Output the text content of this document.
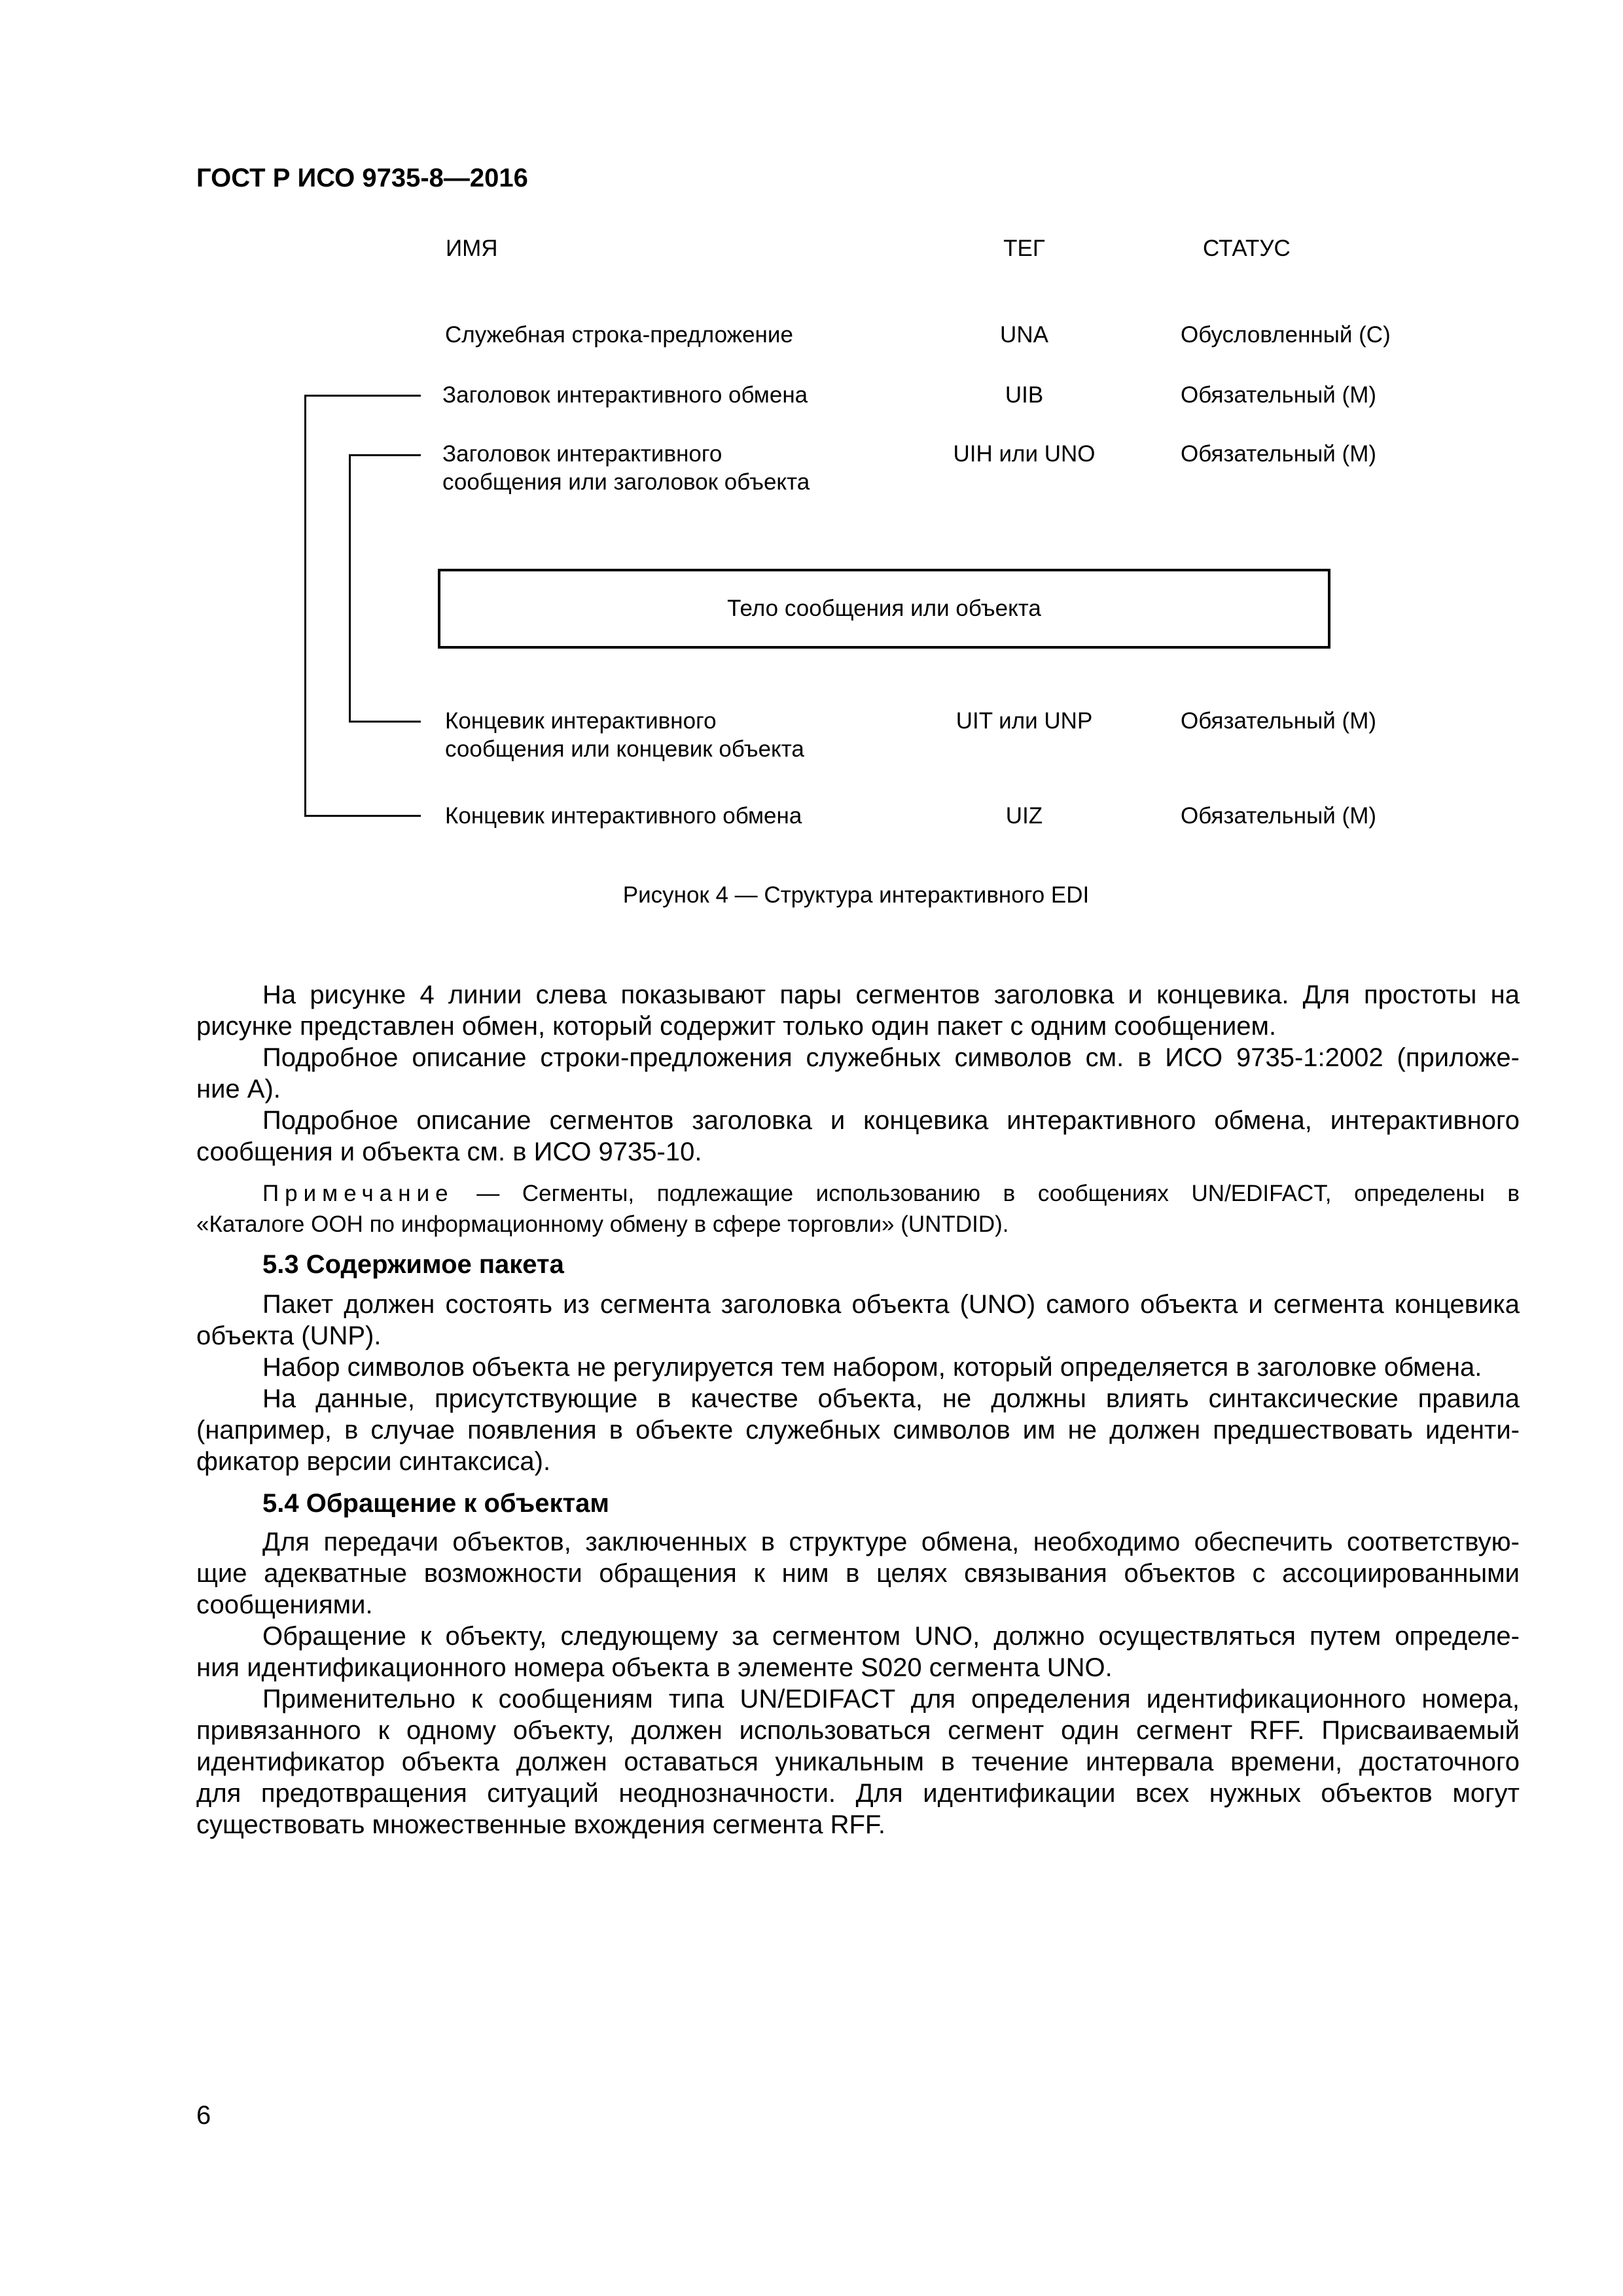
ГОСТ Р ИСО 9735-8—2016
ИМЯ	ТЕГ	СТАТУС
Служебная строка-предложение	UNA	Обусловленный (С)
Заголовок интерактивного обмена	UIB	Обязательный (М)
Заголовок интерактивного
сообщения или заголовок объекта
UIH или UNO	Обязательный (М)
Тело сообщения или объекта
Концевик интерактивного
сообщения или концевик объекта
UIT или UNP	Обязательный (М)
Концевик интерактивного обмена	UIZ	Обязательный (М)
Рисунок 4 — Структура интерактивного EDI
На рисунке 4 линии слева показывают пары сегментов заголовка и концевика. Для простоты на
рисунке представлен обмен, который содержит только один пакет с одним сообщением.
Подробное описание строки-предложения служебных символов см. в ИСО 9735-1:2002 (приложе-
ние А).
Подробное описание сегментов заголовка и концевика интерактивного обмена, интерактивного
сообщения и объекта см. в ИСО 9735-10.
Примечание — Сегменты, подлежащие использованию в сообщениях UN/EDIFACT, определены в
«Каталоге ООН по информационному обмену в сфере торговли» (UNTDID).
5.3 Содержимое пакета
Пакет должен состоять из сегмента заголовка объекта (UNO) самого объекта и сегмента концевика
объекта (UNP).
Набор символов объекта не регулируется тем набором, который определяется в заголовке обмена.
На данные, присутствующие в качестве объекта, не должны влиять синтаксические правила
(например, в случае появления в объекте служебных символов им не должен предшествовать иденти-
фикатор версии синтаксиса).
5.4 Обращение к объектам
Для передачи объектов, заключенных в структуре обмена, необходимо обеспечить соответствую-
щие адекватные возможности обращения к ним в целях связывания объектов с ассоциированными
сообщениями.
Обращение к объекту, следующему за сегментом UNO, должно осуществляться путем определе-
ния идентификационного номера объекта в элементе S020 сегмента UNO.
Применительно к сообщениям типа UN/EDIFACT для определения идентификационного номера,
привязанного к одному объекту, должен использоваться сегмент один сегмент RFF. Присваиваемый
идентификатор объекта должен оставаться уникальным в течение интервала времени, достаточного
для предотвращения ситуаций неоднозначности. Для идентификации всех нужных объектов могут
существовать множественные вхождения сегмента RFF.
6
